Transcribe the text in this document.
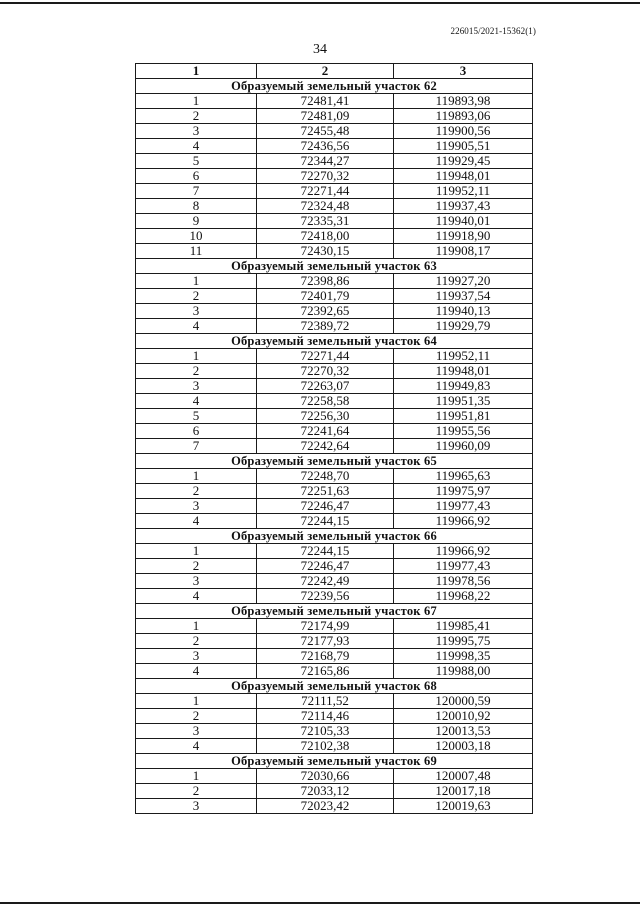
226015/2021-15362(1)
34
1	2	3
Образуемый земельный участок 62		
1	72481,41	119893,98
2	72481,09	119893,06
3	72455,48	119900,56
4	72436,56	119905,51
5	72344,27	119929,45
6	72270,32	119948,01
7	72271,44	119952,11
8	72324,48	119937,43
9	72335,31	119940,01
10	72418,00	119918,90
11	72430,15	119908,17
Образуемый земельный участок 63		
1	72398,86	119927,20
2	72401,79	119937,54
3	72392,65	119940,13
4	72389,72	119929,79
Образуемый земельный участок 64		
1	72271,44	119952,11
2	72270,32	119948,01
3	72263,07	119949,83
4	72258,58	119951,35
5	72256,30	119951,81
6	72241,64	119955,56
7	72242,64	119960,09
Образуемый земельный участок 65		
1	72248,70	119965,63
2	72251,63	119975,97
3	72246,47	119977,43
4	72244,15	119966,92
Образуемый земельный участок 66		
1	72244,15	119966,92
2	72246,47	119977,43
3	72242,49	119978,56
4	72239,56	119968,22
Образуемый земельный участок 67		
1	72174,99	119985,41
2	72177,93	119995,75
3	72168,79	119998,35
4	72165,86	119988,00
Образуемый земельный участок 68		
1	72111,52	120000,59
2	72114,46	120010,92
3	72105,33	120013,53
4	72102,38	120003,18
Образуемый земельный участок 69		
1	72030,66	120007,48
2	72033,12	120017,18
3	72023,42	120019,63
